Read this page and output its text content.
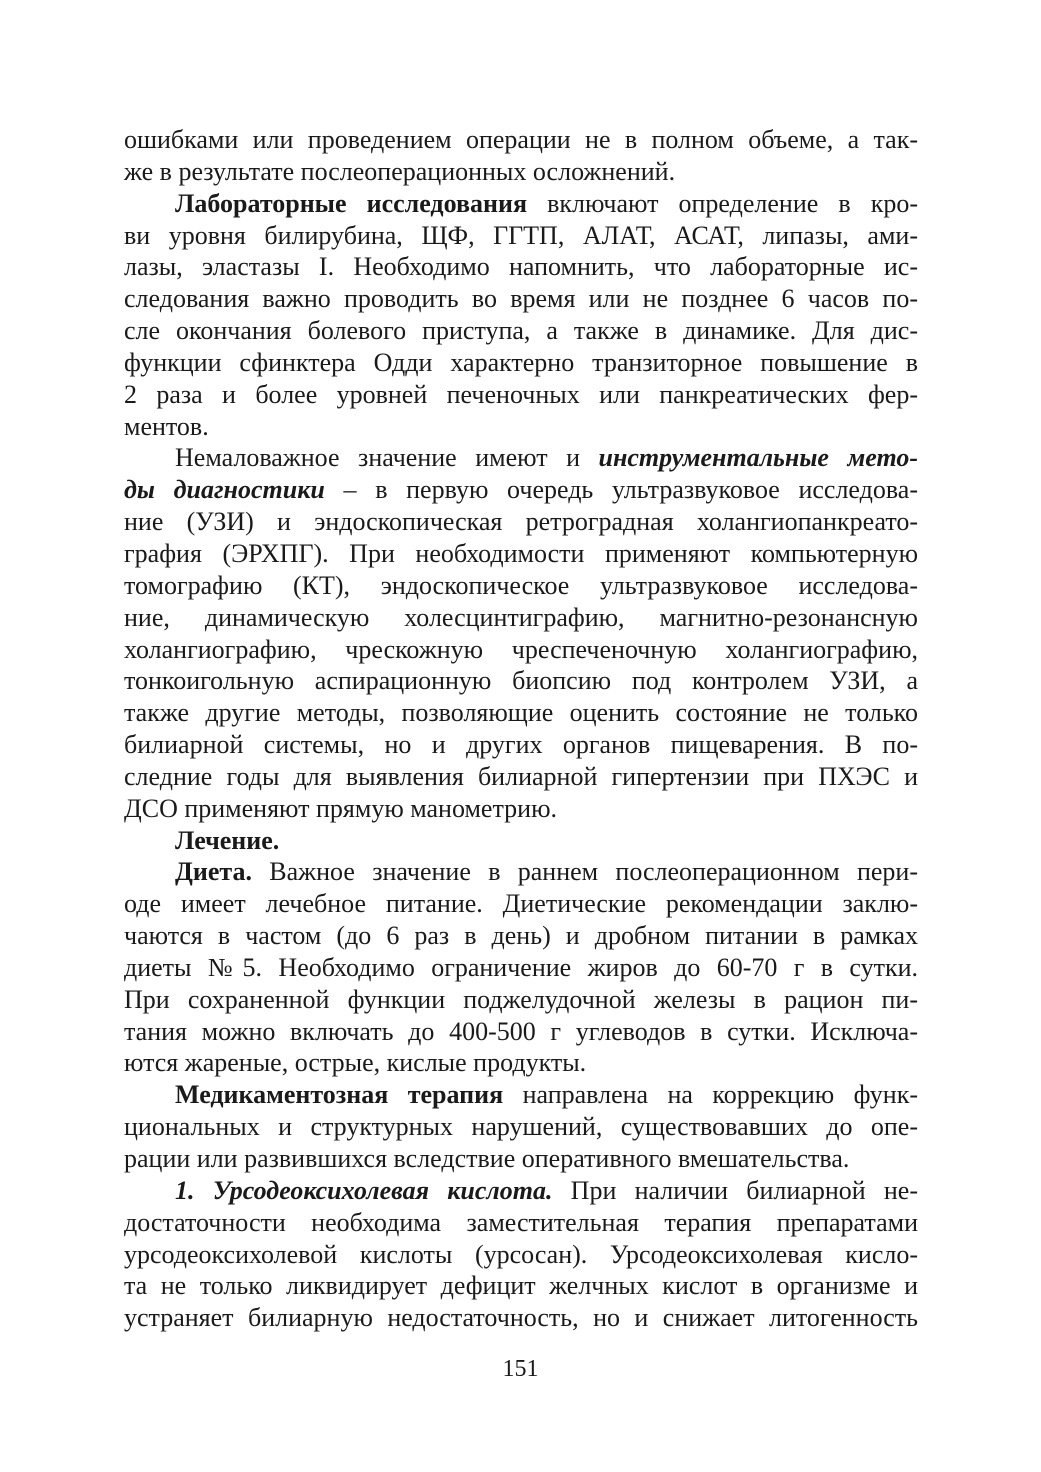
ошибками или проведением операции не в полном объеме, а так-
же в результате послеоперационных осложнений.
Лабораторные исследования включают определение в кро-
ви уровня билирубина, ЩФ, ГГТП, АЛАТ, АСАТ, липазы, ами-
лазы, эластазы I. Необходимо напомнить, что лабораторные ис-
следования важно проводить во время или не позднее 6 часов по-
сле окончания болевого приступа, а также в динамике. Для дис-
функции сфинктера Одди характерно транзиторное повышение в
2 раза и более уровней печеночных или панкреатических фер-
ментов.
Немаловажное значение имеют и инструментальные мето-
ды диагностики – в первую очередь ультразвуковое исследова-
ние (УЗИ) и эндоскопическая ретроградная холангиопанкреато-
графия (ЭРХПГ). При необходимости применяют компьютерную
томографию (КТ), эндоскопическое ультразвуковое исследова-
ние, динамическую холесцинтиграфию, магнитно-резонансную
холангиографию, чрескожную чреспеченочную холангиографию,
тонкоигольную аспирационную биопсию под контролем УЗИ, а
также другие методы, позволяющие оценить состояние не только
билиарной системы, но и других органов пищеварения. В по-
следние годы для выявления билиарной гипертензии при ПХЭС и
ДСО применяют прямую манометрию.
Лечение.
Диета. Важное значение в раннем послеоперационном пери-
оде имеет лечебное питание. Диетические рекомендации заклю-
чаются в частом (до 6 раз в день) и дробном питании в рамках
диеты №5. Необходимо ограничение жиров до 60-70 г в сутки.
При сохраненной функции поджелудочной железы в рацион пи-
тания можно включать до 400-500 г углеводов в сутки. Исключа-
ются жареные, острые, кислые продукты.
Медикаментозная терапия направлена на коррекцию функ-
циональных и структурных нарушений, существовавших до опе-
рации или развившихся вследствие оперативного вмешательства.
1. Урсодеоксихолевая кислота. При наличии билиарной не-
достаточности необходима заместительная терапия препаратами
урсодеоксихолевой кислоты (урсосан). Урсодеоксихолевая кисло-
та не только ликвидирует дефицит желчных кислот в организме и
устраняет билиарную недостаточность, но и снижает литогенность
151
